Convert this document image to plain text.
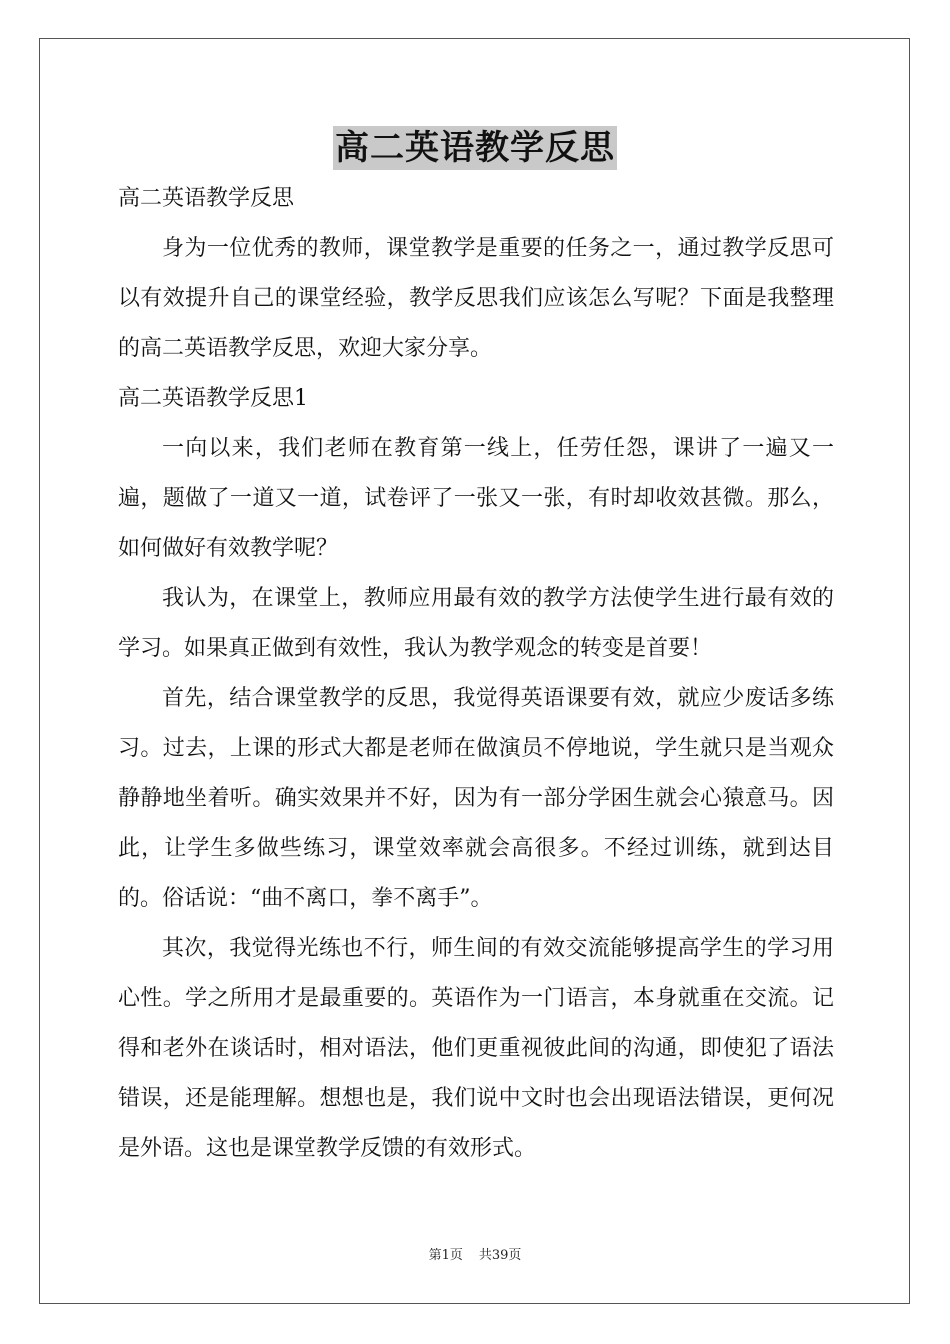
高二英语教学反思

高二英语教学反思

身为一位优秀的教师，课堂教学是重要的任务之一，通过教学反思可以有效提升自己的课堂经验，教学反思我们应该怎么写呢？下面是我整理的高二英语教学反思，欢迎大家分享。

高二英语教学反思1

一向以来，我们老师在教育第一线上，任劳任怨，课讲了一遍又一遍，题做了一道又一道，试卷评了一张又一张，有时却收效甚微。那么，如何做好有效教学呢？

我认为，在课堂上，教师应用最有效的教学方法使学生进行最有效的学习。如果真正做到有效性，我认为教学观念的转变是首要！

首先，结合课堂教学的反思，我觉得英语课要有效，就应少废话多练习。过去，上课的形式大都是老师在做演员不停地说，学生就只是当观众静静地坐着听。确实效果并不好，因为有一部分学困生就会心猿意马。因此，让学生多做些练习，课堂效率就会高很多。不经过训练，就到达目的。俗话说：“曲不离口，拳不离手”。

其次，我觉得光练也不行，师生间的有效交流能够提高学生的学习用心性。学之所用才是最重要的。英语作为一门语言，本身就重在交流。记得和老外在谈话时，相对语法，他们更重视彼此间的沟通，即使犯了语法错误，还是能理解。想想也是，我们说中文时也会出现语法错误，更何况是外语。这也是课堂教学反馈的有效形式。

第1页 共39页
